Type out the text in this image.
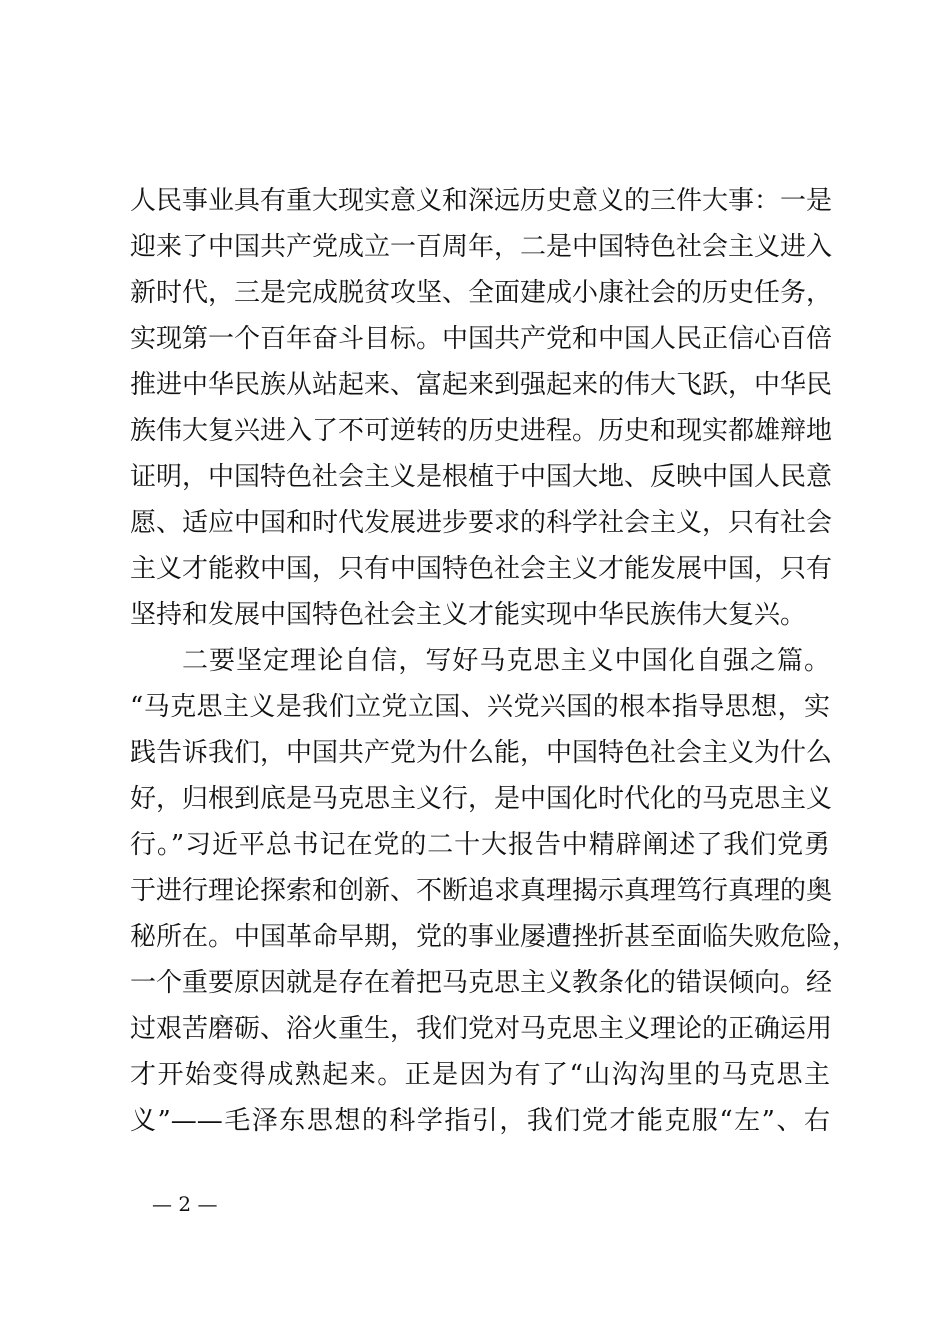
人民事业具有重大现实意义和深远历史意义的三件大事：一是
迎来了中国共产党成立一百周年，二是中国特色社会主义进入
新时代，三是完成脱贫攻坚、全面建成小康社会的历史任务，
实现第一个百年奋斗目标。中国共产党和中国人民正信心百倍
推进中华民族从站起来、富起来到强起来的伟大飞跃，中华民
族伟大复兴进入了不可逆转的历史进程。历史和现实都雄辩地
证明，中国特色社会主义是根植于中国大地、反映中国人民意
愿、适应中国和时代发展进步要求的科学社会主义，只有社会
主义才能救中国，只有中国特色社会主义才能发展中国，只有
坚持和发展中国特色社会主义才能实现中华民族伟大复兴。
二要坚定理论自信，写好马克思主义中国化自强之篇。
“马克思主义是我们立党立国、兴党兴国的根本指导思想，实
践告诉我们，中国共产党为什么能，中国特色社会主义为什么
好，归根到底是马克思主义行，是中国化时代化的马克思主义
行。”习近平总书记在党的二十大报告中精辟阐述了我们党勇
于进行理论探索和创新、不断追求真理揭示真理笃行真理的奥
秘所在。中国革命早期，党的事业屡遭挫折甚至面临失败危险，
一个重要原因就是存在着把马克思主义教条化的错误倾向。经
过艰苦磨砺、浴火重生，我们党对马克思主义理论的正确运用
才开始变得成熟起来。正是因为有了“山沟沟里的马克思主
义”——毛泽东思想的科学指引，我们党才能克服“左”、右
— 2 —
